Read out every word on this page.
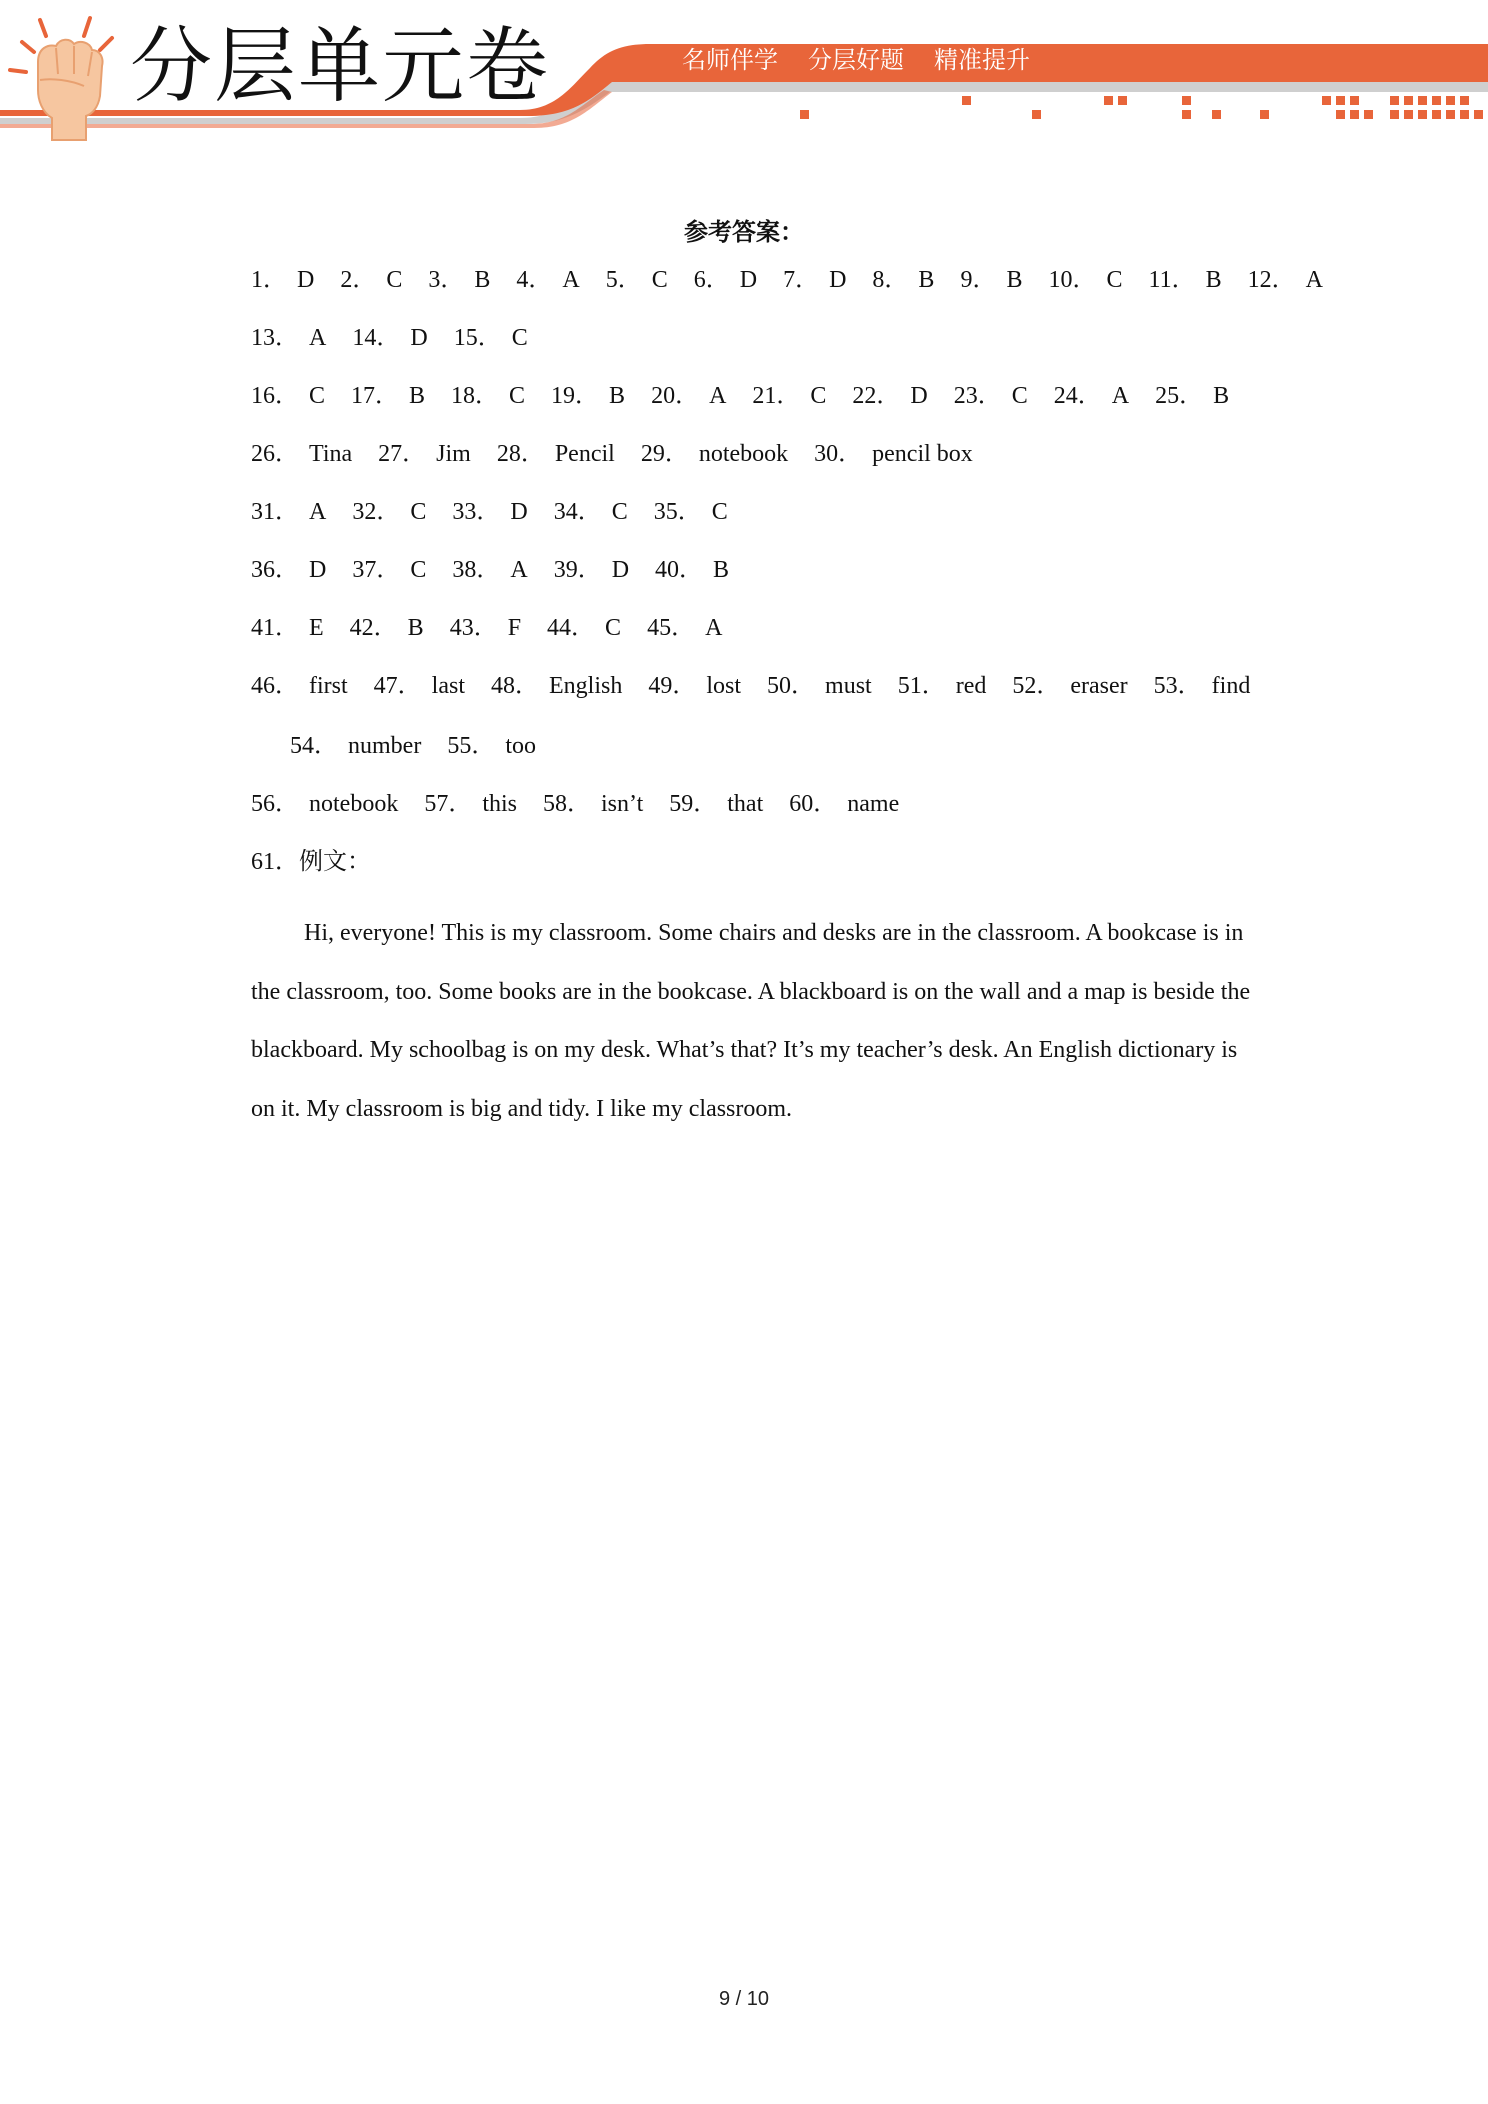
分层单元卷	名师伴学 分层好题 精准提升
参考答案：
1． D 2． C 3． B 4． A 5． C 6． D 7． D 8． B 9． B 10． C 11． B 12． A
13． A 14． D 15． C
16． C 17． B 18． C 19． B 20． A 21． C 22． D 23． C 24． A 25． B
26． Tina 27． Jim 28． Pencil 29． notebook 30． pencil box
31． A 32． C 33． D 34． C 35． C
36． D 37． C 38． A 39． D 40． B
41． E 42． B 43． F 44． C 45． A
46． first 47． last 48． English 49． lost 50． must 51． red 52． eraser 53． find
54． number 55． too
56． notebook 57． this 58． isn’t 59． that 60． name
61．例文：
Hi, everyone! This is my classroom. Some chairs and desks are in the classroom. A bookcase is in the classroom, too. Some books are in the bookcase. A blackboard is on the wall and a map is beside the blackboard. My schoolbag is on my desk. What’s that? It’s my teacher’s desk. An English dictionary is on it. My classroom is big and tidy. I like my classroom.
9 / 10
